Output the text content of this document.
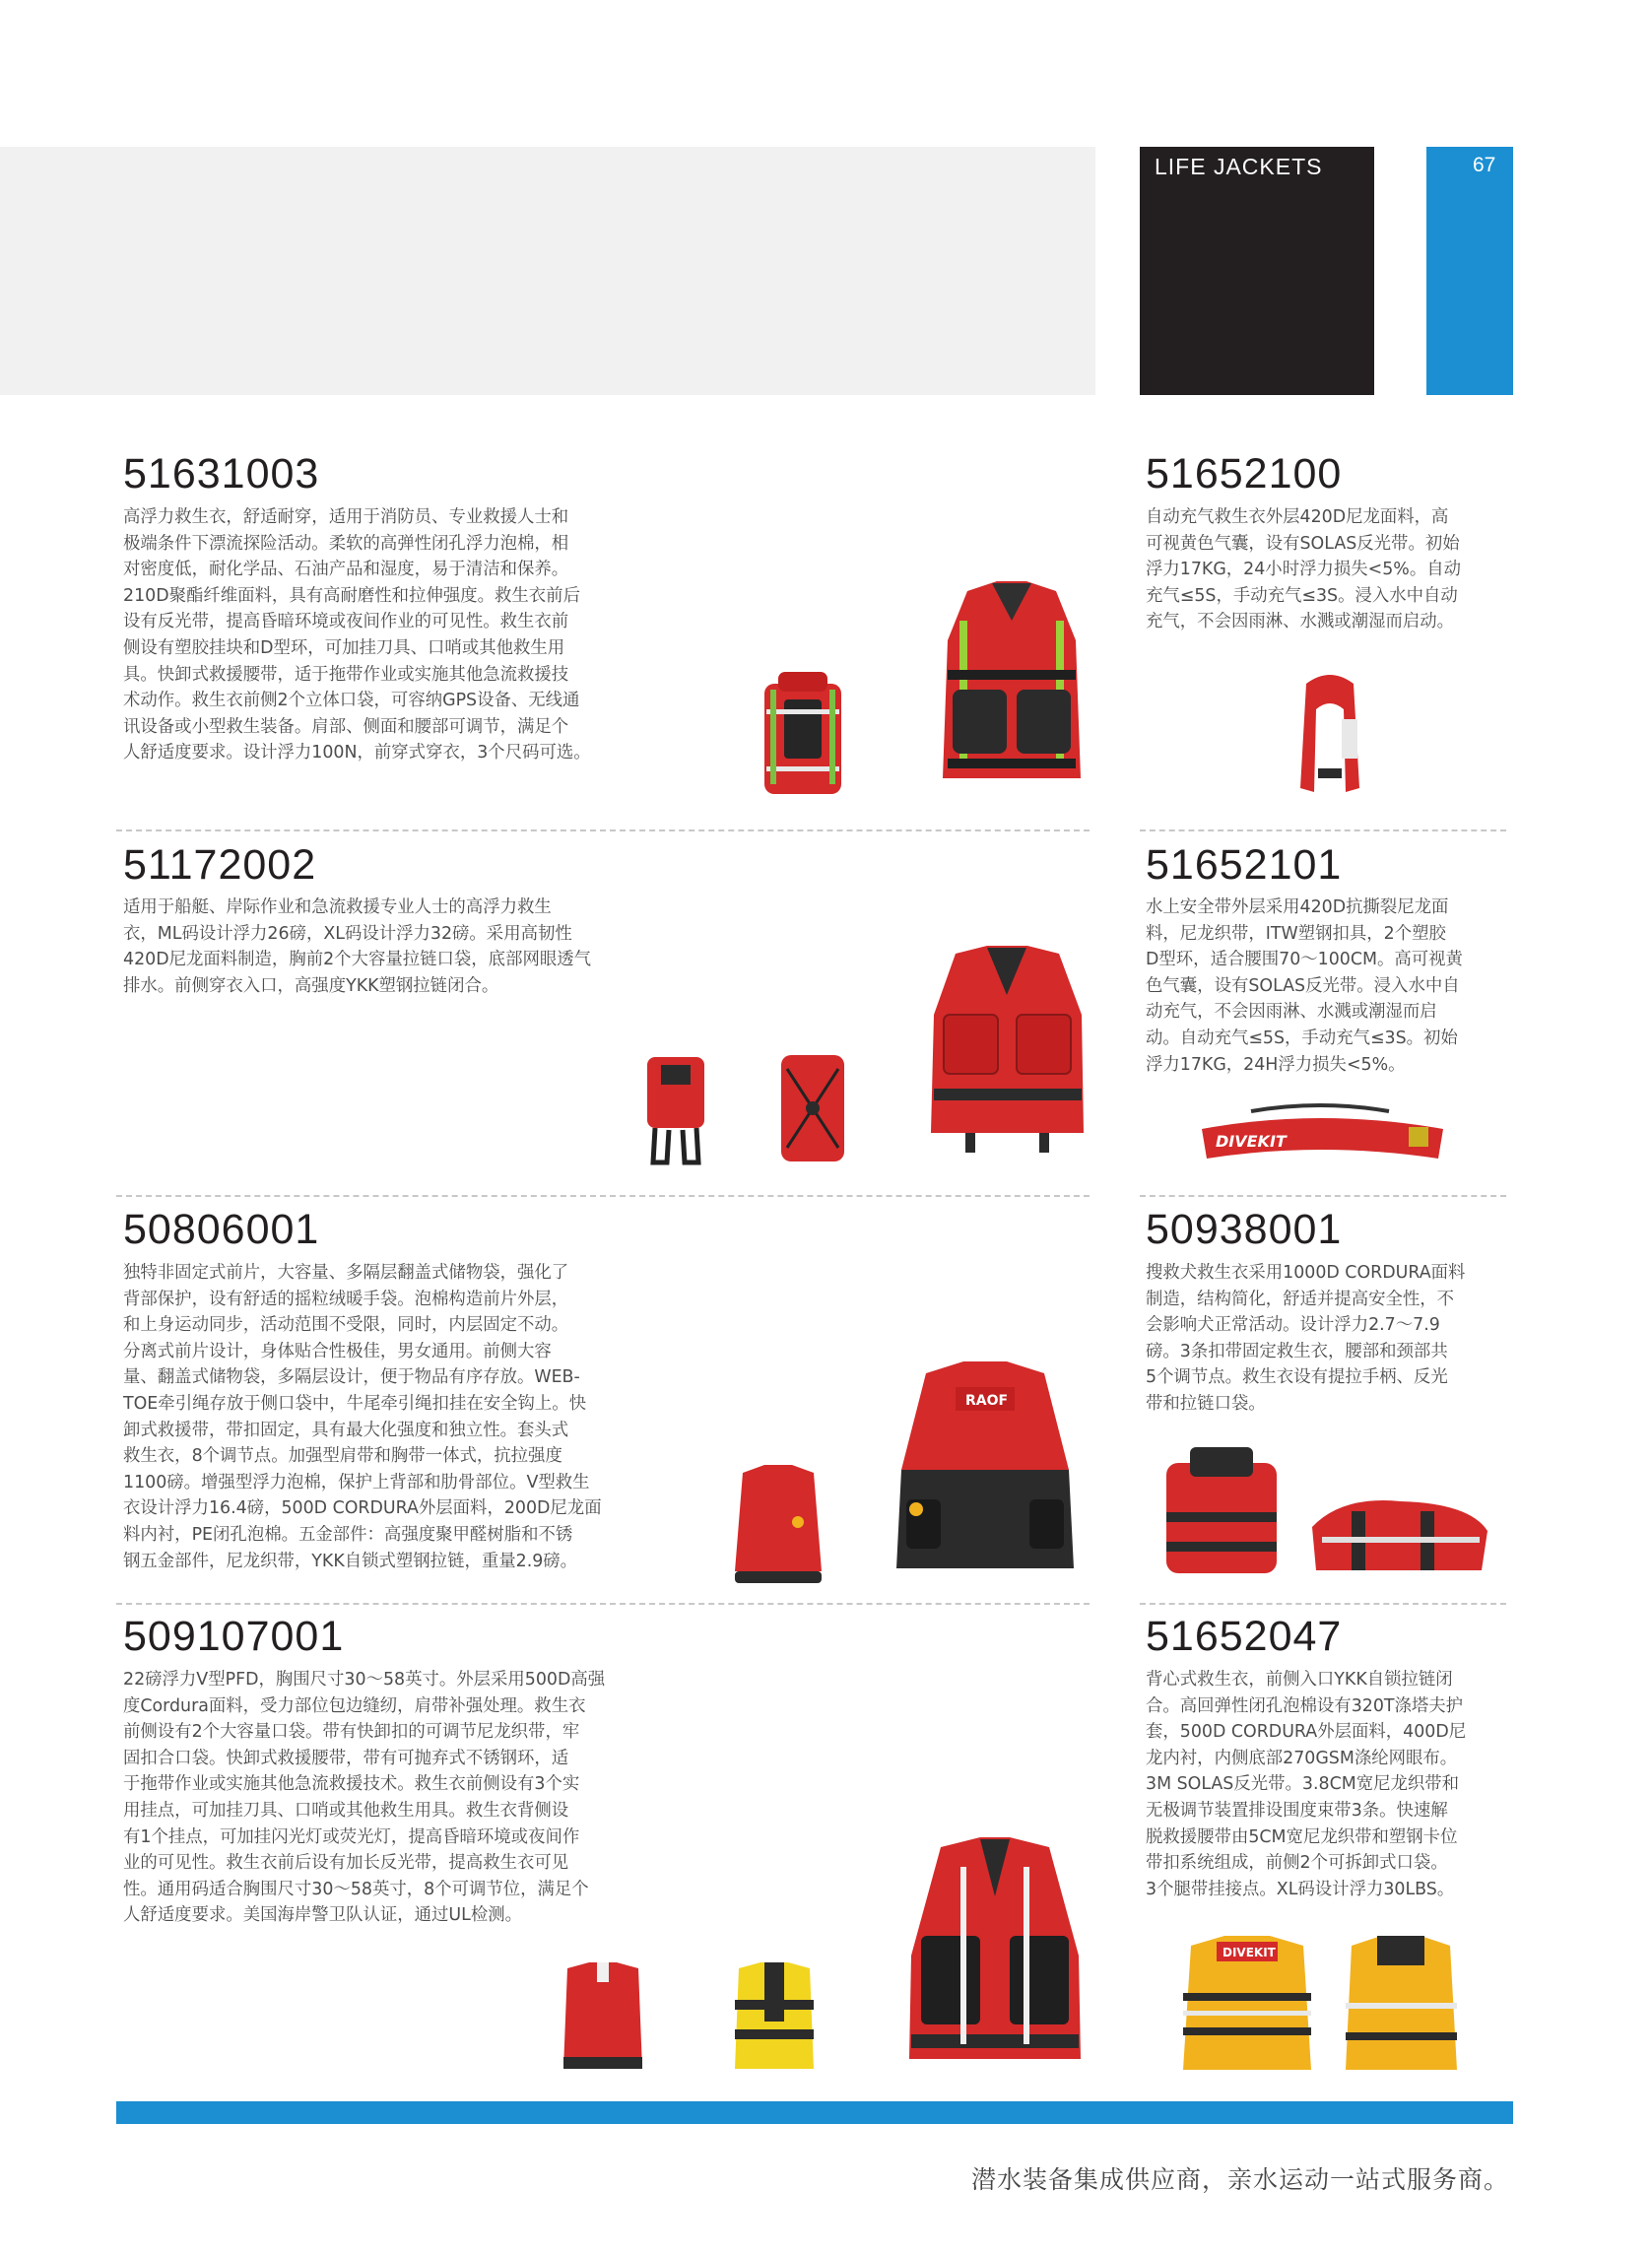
LIFE JACKETS	67
51631003

高浮力救生衣，舒适耐穿，适用于消防员、专业救援人士和
极端条件下漂流探险活动。柔软的高弹性闭孔浮力泡棉，相
对密度低，耐化学品、石油产品和湿度，易于清洁和保养。
210D聚酯纤维面料，具有高耐磨性和拉伸强度。救生衣前后
设有反光带，提高昏暗环境或夜间作业的可见性。救生衣前
侧设有塑胶挂块和D型环，可加挂刀具、口哨或其他救生用
具。快卸式救援腰带，适于拖带作业或实施其他急流救援技
术动作。救生衣前侧2个立体口袋，可容纳GPS设备、无线通
讯设备或小型救生装备。肩部、侧面和腰部可调节，满足个
人舒适度要求。设计浮力100N，前穿式穿衣，3个尺码可选。

51652100

自动充气救生衣外层420D尼龙面料，高
可视黄色气囊，设有SOLAS反光带。初始
浮力17KG，24小时浮力损失<5%。自动
充气≤5S，手动充气≤3S。浸入水中自动
充气，不会因雨淋、水溅或潮湿而启动。

51172002

适用于船艇、岸际作业和急流救援专业人士的高浮力救生
衣，ML码设计浮力26磅，XL码设计浮力32磅。采用高韧性
420D尼龙面料制造，胸前2个大容量拉链口袋，底部网眼透气
排水。前侧穿衣入口，高强度YKK塑钢拉链闭合。

51652101

水上安全带外层采用420D抗撕裂尼龙面
料，尼龙织带，ITW塑钢扣具，2个塑胶
D型环，适合腰围70～100CM。高可视黄
色气囊，设有SOLAS反光带。浸入水中自
动充气，不会因雨淋、水溅或潮湿而启
动。自动充气≤5S，手动充气≤3S。初始
浮力17KG，24H浮力损失<5%。

DIVEKIT
50806001

独特非固定式前片，大容量、多隔层翻盖式储物袋，强化了
背部保护，设有舒适的摇粒绒暖手袋。泡棉构造前片外层，
和上身运动同步，活动范围不受限，同时，内层固定不动。
分离式前片设计，身体贴合性极佳，男女通用。前侧大容
量、翻盖式储物袋，多隔层设计，便于物品有序存放。WEB-
TOE牵引绳存放于侧口袋中，牛尾牵引绳扣挂在安全钩上。快
卸式救援带，带扣固定，具有最大化强度和独立性。套头式
救生衣，8个调节点。加强型肩带和胸带一体式，抗拉强度
1100磅。增强型浮力泡棉，保护上背部和肋骨部位。V型救生
衣设计浮力16.4磅，500D CORDURA外层面料，200D尼龙面
料内衬，PE闭孔泡棉。五金部件：高强度聚甲醛树脂和不锈
钢五金部件，尼龙织带，YKK自锁式塑钢拉链，重量2.9磅。

RAOF
50938001

搜救犬救生衣采用1000D CORDURA面料
制造，结构简化，舒适并提高安全性，不
会影响犬正常活动。设计浮力2.7～7.9
磅。3条扣带固定救生衣，腰部和颈部共
5个调节点。救生衣设有提拉手柄、反光
带和拉链口袋。

509107001

22磅浮力V型PFD，胸围尺寸30～58英寸。外层采用500D高强
度Cordura面料，受力部位包边缝纫，肩带补强处理。救生衣
前侧设有2个大容量口袋。带有快卸扣的可调节尼龙织带，牢
固扣合口袋。快卸式救援腰带，带有可抛弃式不锈钢环，适
于拖带作业或实施其他急流救援技术。救生衣前侧设有3个实
用挂点，可加挂刀具、口哨或其他救生用具。救生衣背侧设
有1个挂点，可加挂闪光灯或荧光灯，提高昏暗环境或夜间作
业的可见性。救生衣前后设有加长反光带，提高救生衣可见
性。通用码适合胸围尺寸30～58英寸，8个可调节位，满足个
人舒适度要求。美国海岸警卫队认证，通过UL检测。

51652047

背心式救生衣，前侧入口YKK自锁拉链闭
合。高回弹性闭孔泡棉设有320T涤塔夫护
套，500D CORDURA外层面料，400D尼
龙内衬，内侧底部270GSM涤纶网眼布。
3M SOLAS反光带。3.8CM宽尼龙织带和
无极调节装置排设围度束带3条。快速解
脱救援腰带由5CM宽尼龙织带和塑钢卡位
带扣系统组成，前侧2个可拆卸式口袋。
3个腿带挂接点。XL码设计浮力30LBS。

DIVEKIT
潜水装备集成供应商，亲水运动一站式服务商。
